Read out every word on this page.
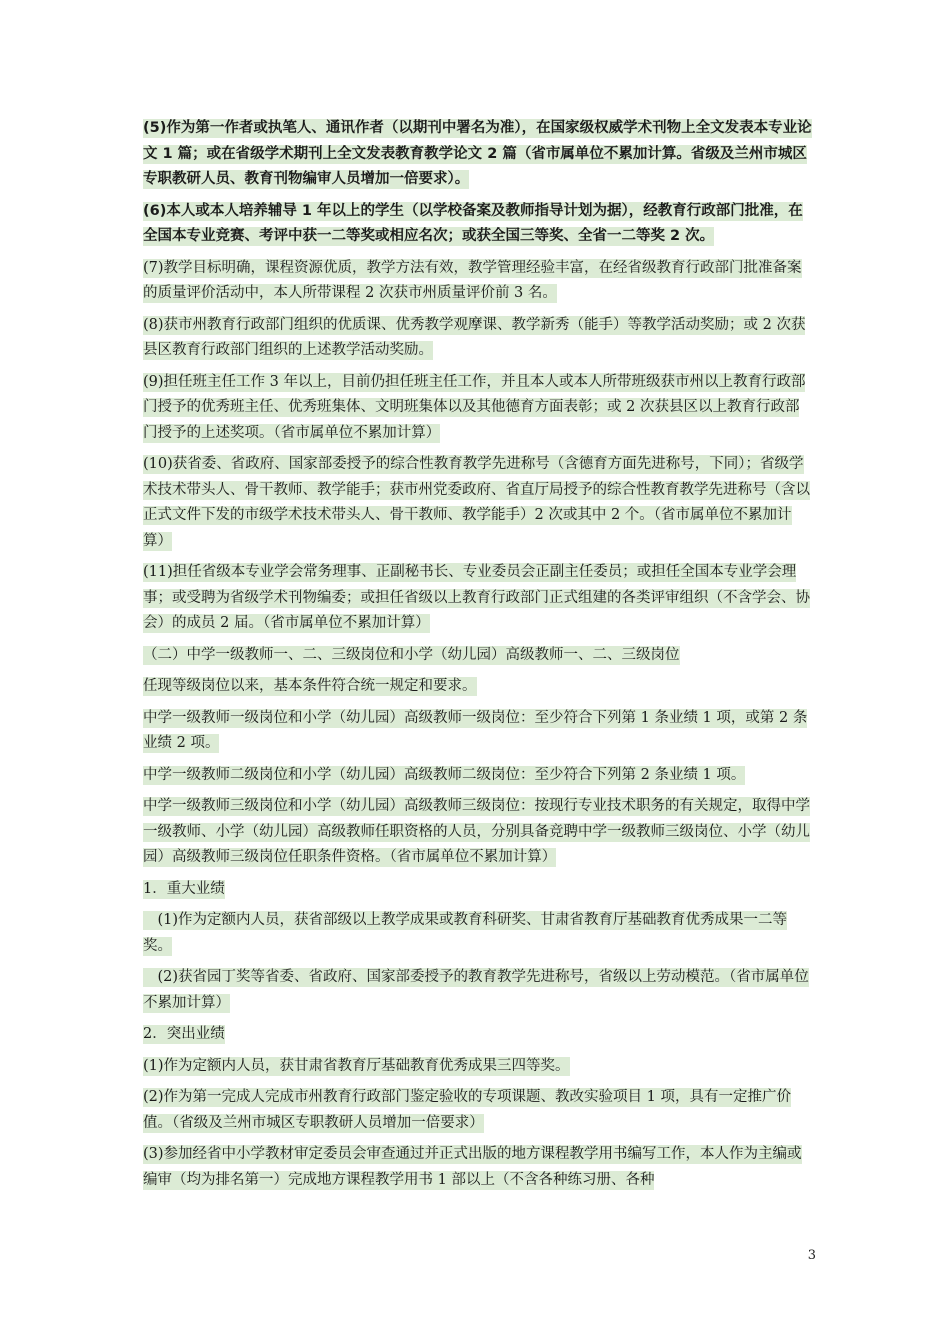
(5)作为第一作者或执笔人、通讯作者（以期刊中署名为准），在国家级权威学术刊物上全文发表本专业论文 1 篇；或在省级学术期刊上全文发表教育教学论文 2 篇（省市属单位不累加计算。省级及兰州市城区专职教研人员、教育刊物编审人员增加一倍要求）。

(6)本人或本人培养辅导 1 年以上的学生（以学校备案及教师指导计划为据），经教育行政部门批准，在全国本专业竞赛、考评中获一二等奖或相应名次；或获全国三等奖、全省一二等奖 2 次。

(7)教学目标明确，课程资源优质，教学方法有效，教学管理经验丰富，在经省级教育行政部门批准备案的质量评价活动中，本人所带课程 2 次获市州质量评价前 3 名。

(8)获市州教育行政部门组织的优质课、优秀教学观摩课、教学新秀（能手）等教学活动奖励；或 2 次获县区教育行政部门组织的上述教学活动奖励。

(9)担任班主任工作 3 年以上，目前仍担任班主任工作，并且本人或本人所带班级获市州以上教育行政部门授予的优秀班主任、优秀班集体、文明班集体以及其他德育方面表彰；或 2 次获县区以上教育行政部门授予的上述奖项。（省市属单位不累加计算）

(10)获省委、省政府、国家部委授予的综合性教育教学先进称号（含德育方面先进称号，下同）；省级学术技术带头人、骨干教师、教学能手；获市州党委政府、省直厅局授予的综合性教育教学先进称号（含以正式文件下发的市级学术技术带头人、骨干教师、教学能手）2 次或其中 2 个。（省市属单位不累加计算）

(11)担任省级本专业学会常务理事、正副秘书长、专业委员会正副主任委员；或担任全国本专业学会理事；或受聘为省级学术刊物编委；或担任省级以上教育行政部门正式组建的各类评审组织（不含学会、协会）的成员 2 届。（省市属单位不累加计算）

（二）中学一级教师一、二、三级岗位和小学（幼儿园）高级教师一、二、三级岗位

任现等级岗位以来，基本条件符合统一规定和要求。

中学一级教师一级岗位和小学（幼儿园）高级教师一级岗位：至少符合下列第 1 条业绩 1 项，或第 2 条业绩 2 项。

中学一级教师二级岗位和小学（幼儿园）高级教师二级岗位：至少符合下列第 2 条业绩 1 项。

中学一级教师三级岗位和小学（幼儿园）高级教师三级岗位：按现行专业技术职务的有关规定，取得中学一级教师、小学（幼儿园）高级教师任职资格的人员，分别具备竞聘中学一级教师三级岗位、小学（幼儿园）高级教师三级岗位任职条件资格。（省市属单位不累加计算）

1．重大业绩

　(1)作为定额内人员，获省部级以上教学成果或教育科研奖、甘肃省教育厅基础教育优秀成果一二等奖。

　(2)获省园丁奖等省委、省政府、国家部委授予的教育教学先进称号，省级以上劳动模范。（省市属单位不累加计算）

2．突出业绩

(1)作为定额内人员，获甘肃省教育厅基础教育优秀成果三四等奖。

(2)作为第一完成人完成市州教育行政部门鉴定验收的专项课题、教改实验项目 1 项，具有一定推广价值。（省级及兰州市城区专职教研人员增加一倍要求）

(3)参加经省中小学教材审定委员会审查通过并正式出版的地方课程教学用书编写工作，本人作为主编或编审（均为排名第一）完成地方课程教学用书 1 部以上（不含各种练习册、各种

3
